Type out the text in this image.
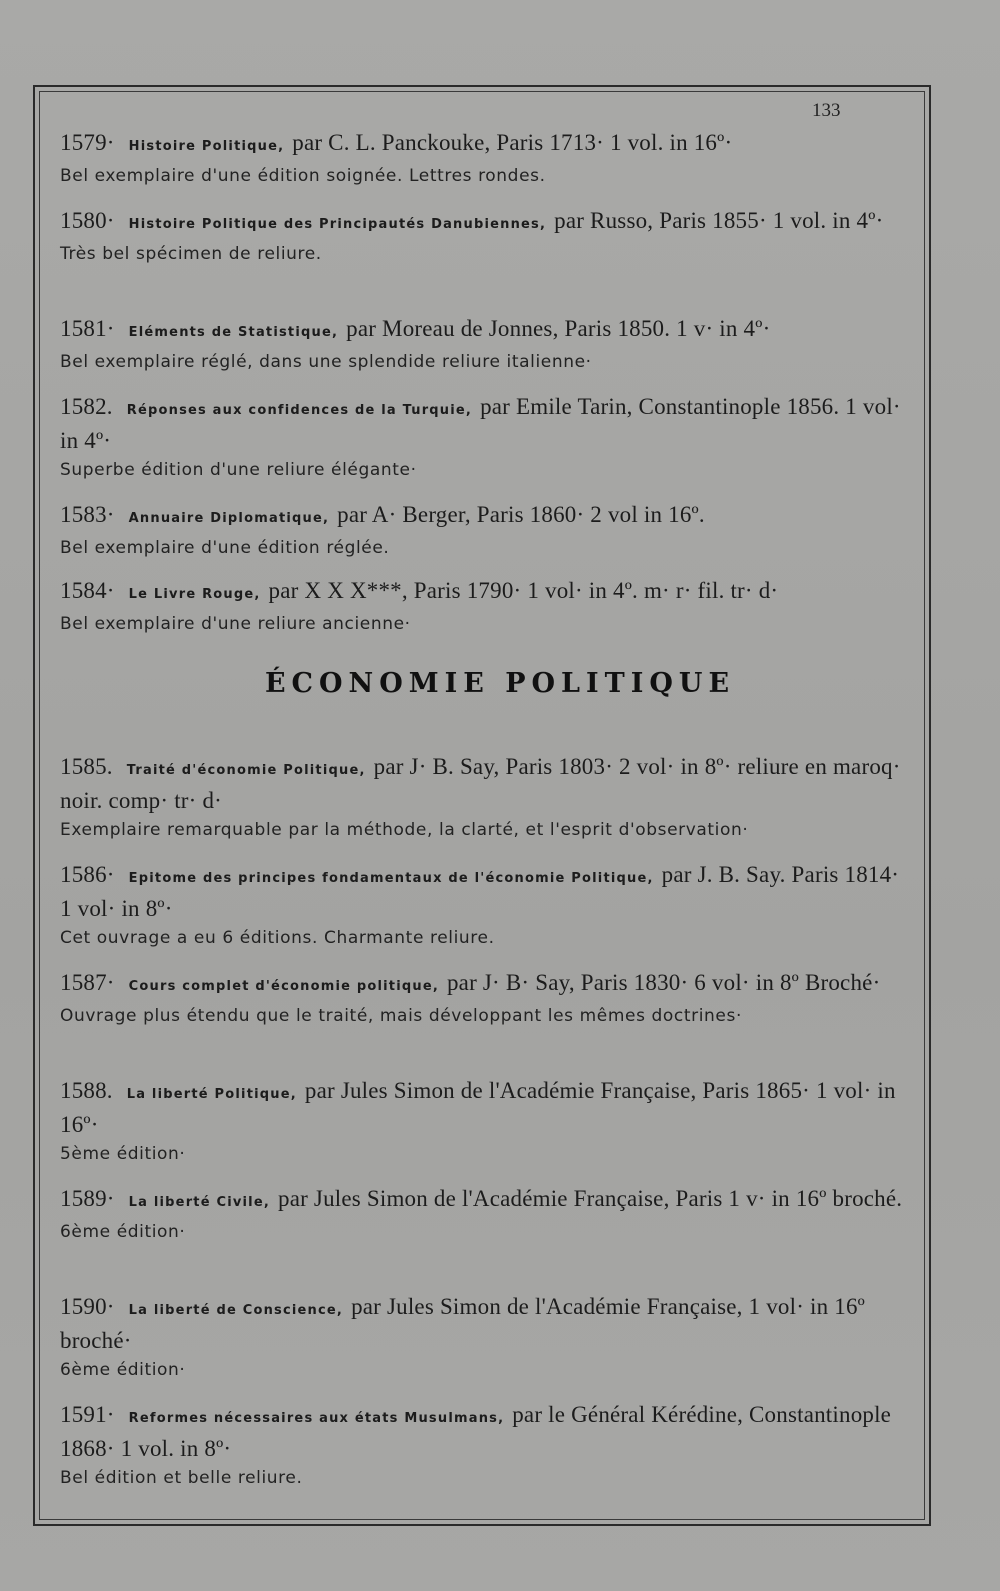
133
1579· Histoire Politique, par C. L. Panckouke, Paris 1713· 1 vol. in 16º·
Bel exemplaire d'une édition soignée. Lettres rondes.
1580· Histoire Politique des Principautés Danubiennes, par Russo, Paris 1855· 1 vol. in 4º·
Très bel spécimen de reliure.
1581· Eléments de Statistique, par Moreau de Jonnes, Paris 1850. 1 v· in 4º·
Bel exemplaire réglé, dans une splendide reliure italienne·
1582. Réponses aux confidences de la Turquie, par Emile Tarin, Constantinople 1856. 1 vol· in 4º·
Superbe édition d'une reliure élégante·
1583· Annuaire Diplomatique, par A· Berger, Paris 1860· 2 vol in 16º.
Bel exemplaire d'une édition réglée.
1584· Le Livre Rouge, par X X X***, Paris 1790· 1 vol· in 4º. m· r· fil. tr· d·
Bel exemplaire d'une reliure ancienne·
ÉCONOMIE POLITIQUE
1585. Traité d'économie Politique, par J· B. Say, Paris 1803· 2 vol· in 8º· reliure en maroq· noir. comp· tr· d·
Exemplaire remarquable par la méthode, la clarté, et l'esprit d'observation·
1586· Epitome des principes fondamentaux de l'économie Politique, par J. B. Say. Paris 1814· 1 vol· in 8º·
Cet ouvrage a eu 6 éditions. Charmante reliure.
1587· Cours complet d'économie politique, par J· B· Say, Paris 1830· 6 vol· in 8º Broché·
Ouvrage plus étendu que le traité, mais développant les mêmes doctrines·
1588. La liberté Politique, par Jules Simon de l'Académie Française, Paris 1865· 1 vol· in 16º·
5ème édition·
1589· La liberté Civile, par Jules Simon de l'Académie Française, Paris 1 v· in 16º broché.
6ème édition·
1590· La liberté de Conscience, par Jules Simon de l'Académie Française, 1 vol· in 16º broché·
6ème édition·
1591· Reformes nécessaires aux états Musulmans, par le Général Kérédine, Constantinople 1868· 1 vol. in 8º·
Bel édition et belle reliure.
